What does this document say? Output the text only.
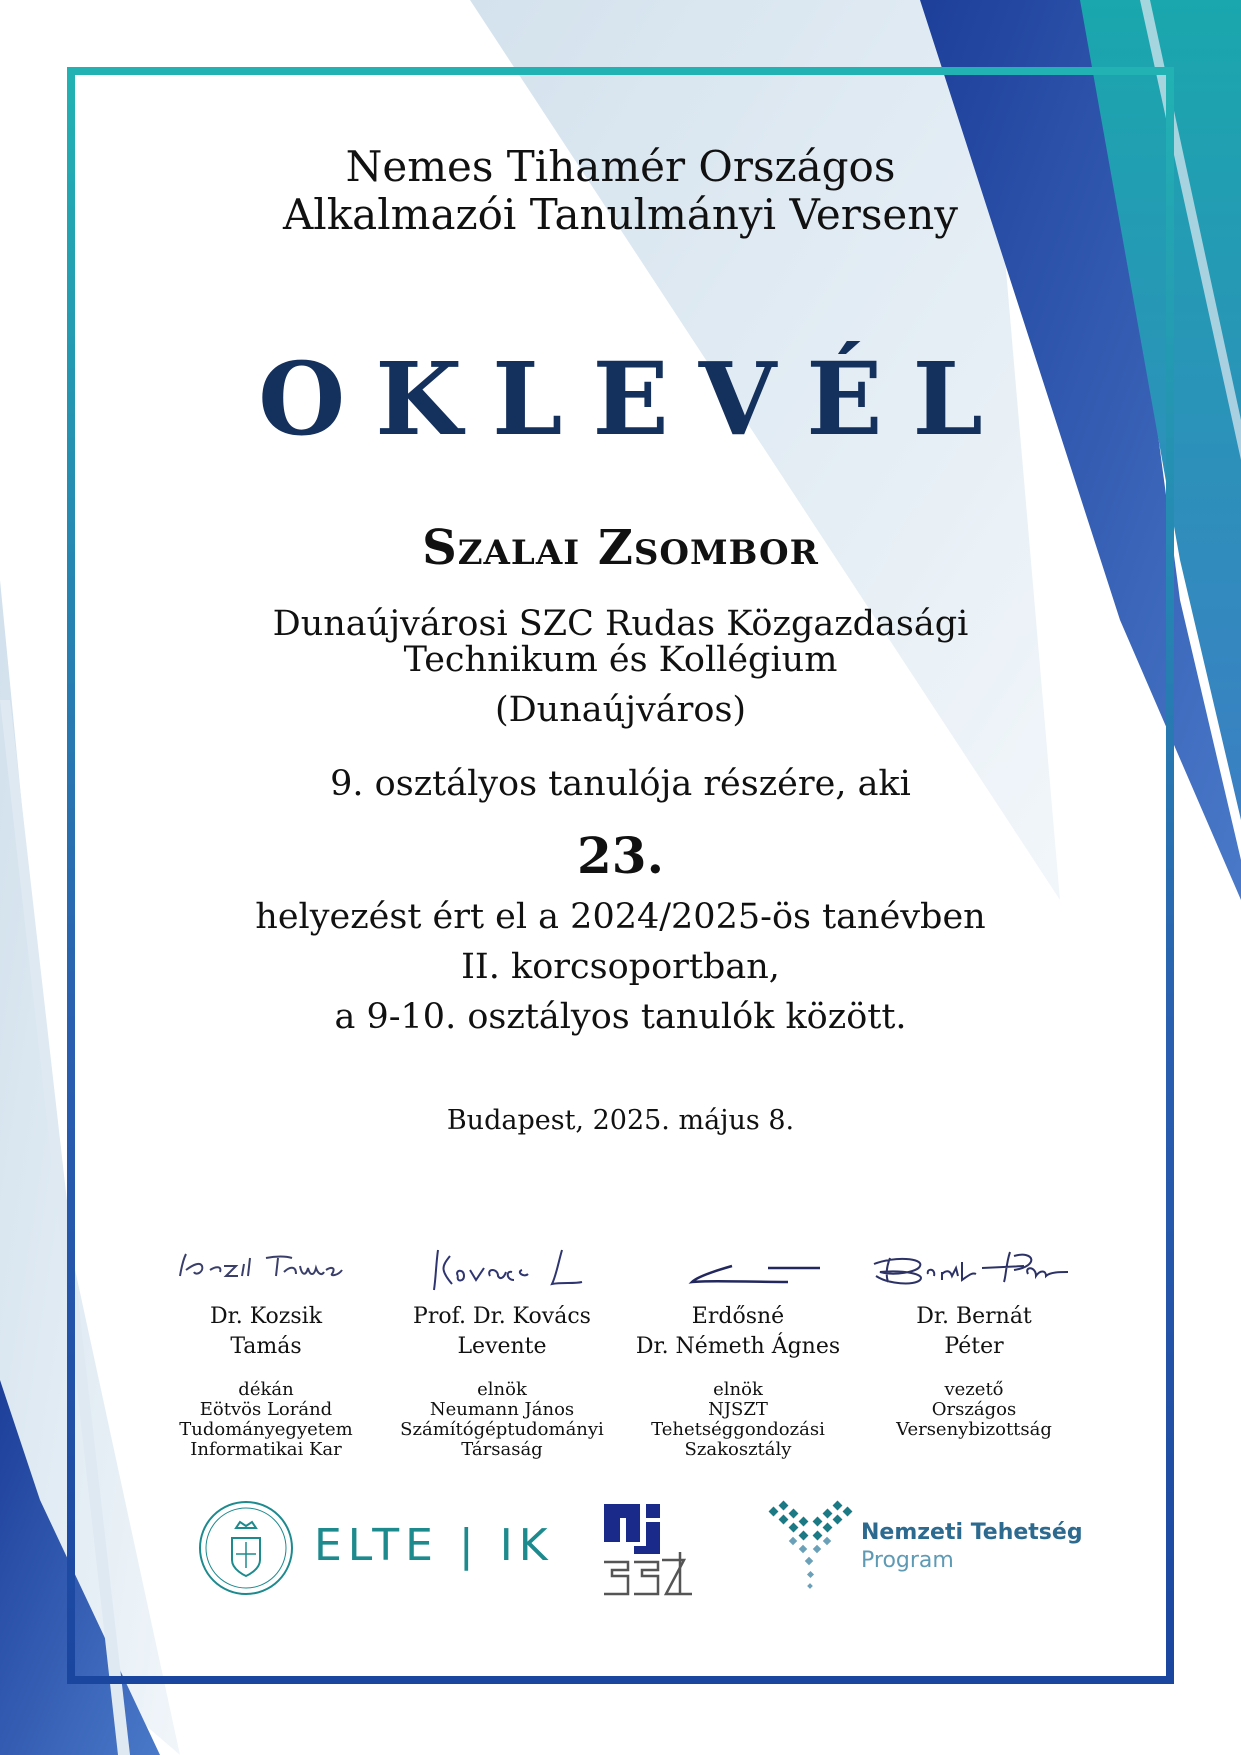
Nemes Tihamér Országos
Alkalmazói Tanulmányi Verseny
OKLEVÉL
Szalai Zsombor
Dunaújvárosi SZC Rudas Közgazdasági
Technikum és Kollégium
(Dunaújváros)
9. osztályos tanulója részére, aki
23.
helyezést ért el a 2024/2025-ös tanévben
II. korcsoportban,
a 9-10. osztályos tanulók között.
Budapest, 2025. május 8.
Dr. Kozsik
Tamás
dékán
Eötvös Loránd
Tudományegyetem
Informatikai Kar
Prof. Dr. Kovács
Levente
elnök
Neumann János
Számítógéptudományi
Társaság
Erdősné
Dr. Németh Ágnes
elnök
NJSZT
Tehetséggondozási
Szakosztály
Dr. Bernát
Péter
vezető
Országos
Versenybizottság
ELTE | IK	Nemzeti Tehetség
Program
